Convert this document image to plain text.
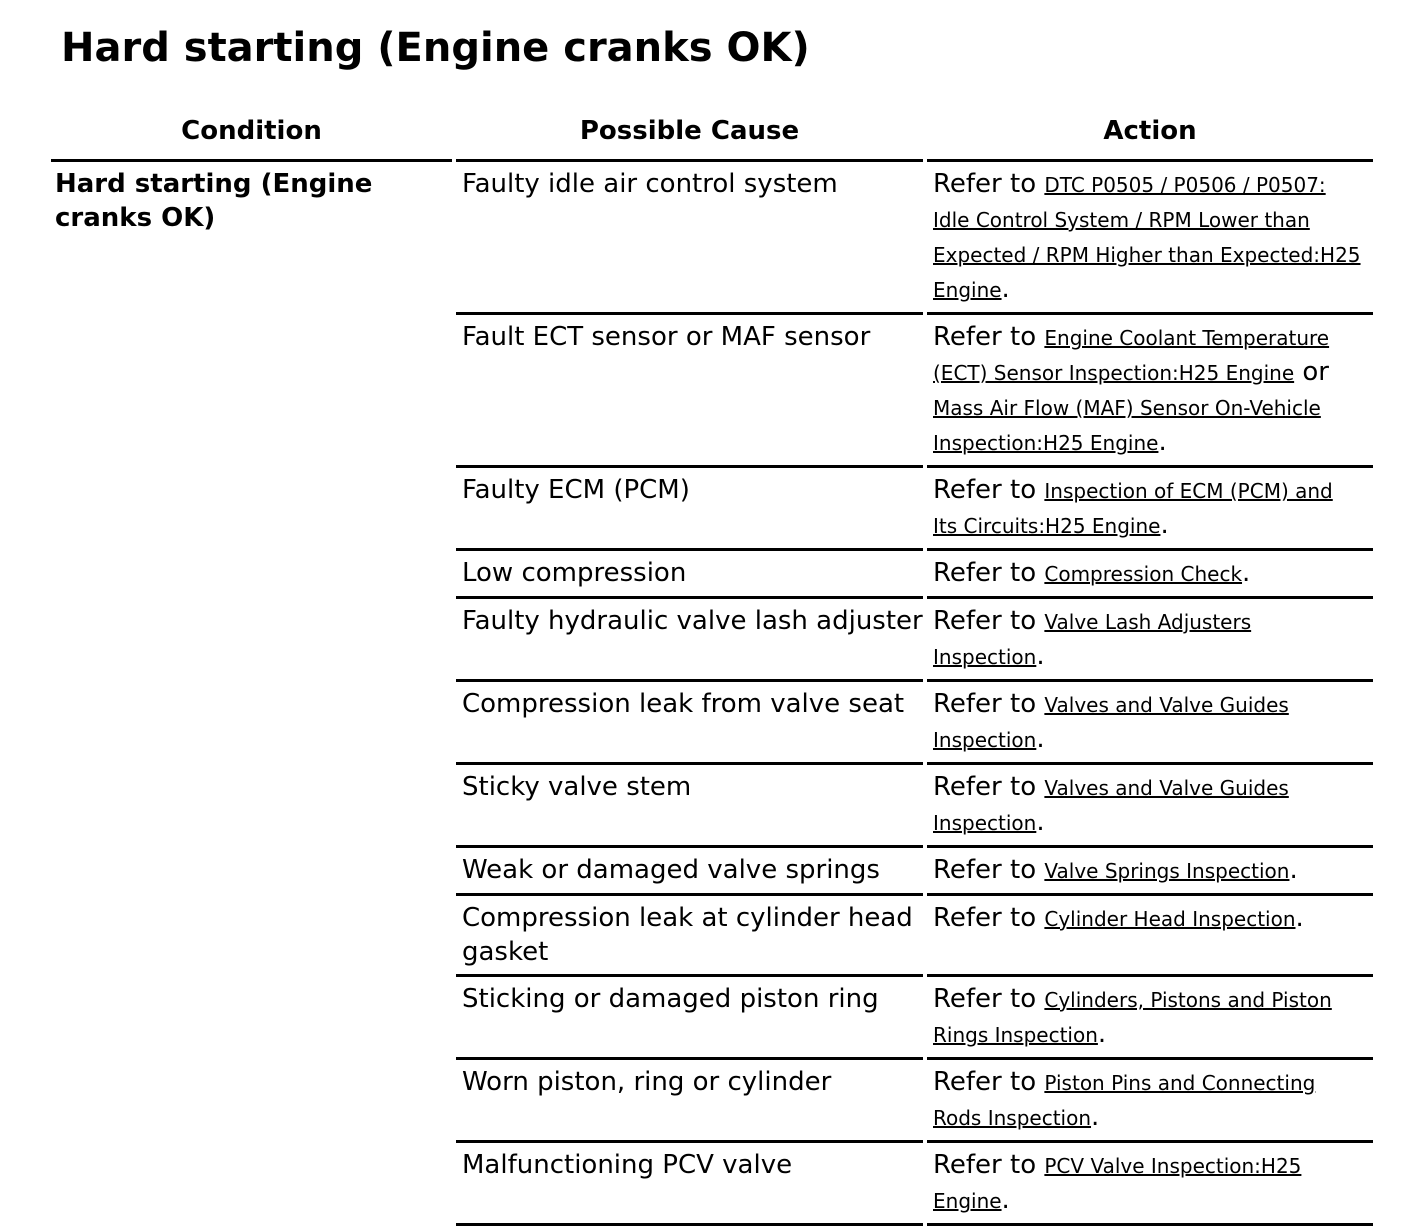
Hard starting (Engine cranks OK)
Condition	Possible Cause	Action
Hard starting (Engine cranks OK)	Faulty idle air control system	Refer to DTC P0505 / P0506 / P0507:
Idle Control System / RPM Lower than
Expected / RPM Higher than Expected:H25
Engine.

	Fault ECT sensor or MAF sensor	Refer to Engine Coolant Temperature
(ECT) Sensor Inspection:H25 Engine or
Mass Air Flow (MAF) Sensor On-Vehicle
Inspection:H25 Engine.

	Faulty ECM (PCM)	Refer to Inspection of ECM (PCM) and
Its Circuits:H25 Engine.

	Low compression	Refer to Compression Check.

	Faulty hydraulic valve lash adjuster	Refer to Valve Lash Adjusters
Inspection.

	Compression leak from valve seat	Refer to Valves and Valve Guides
Inspection.

	Sticky valve stem	Refer to Valves and Valve Guides
Inspection.

	Weak or damaged valve springs	Refer to Valve Springs Inspection.

	Compression leak at cylinder head gasket	Refer to Cylinder Head Inspection.

	Sticking or damaged piston ring	Refer to Cylinders, Pistons and Piston
Rings Inspection.

	Worn piston, ring or cylinder	Refer to Piston Pins and Connecting
Rods Inspection.

	Malfunctioning PCV valve	Refer to PCV Valve Inspection:H25
Engine.
